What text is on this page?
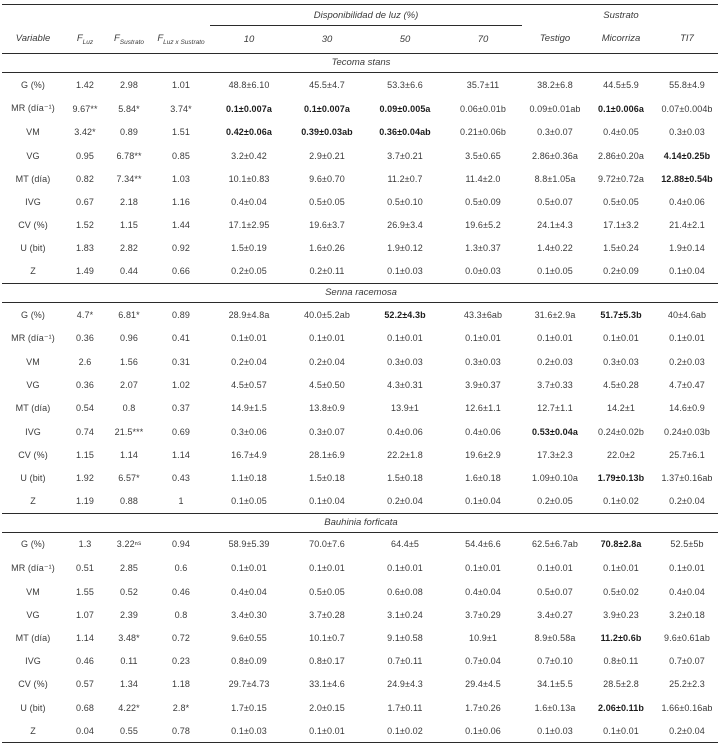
				Disponibilidad de luz (%)				Sustrato		
Variable	$F_{Luz}$	$F_{Sustrato}$	$F_{Luz x Sustrato}$	10	30	50	70	Testigo	Micorriza	TI7
Tecoma stans										
G (%)	1.42	2.98	1.01	48.8±6.10	45.5±4.7	53.3±6.6	35.7±11	38.2±6.8	44.5±5.9	55.8±4.9
MR (día⁻¹)	9.67**	5.84*	3.74*	0.1±0.007a	0.1±0.007a	0.09±0.005a	0.06±0.01b	0.09±0.01ab	0.1±0.006a	0.07±0.004b
VM	3.42*	0.89	1.51	0.42±0.06a	0.39±0.03ab	0.36±0.04ab	0.21±0.06b	0.3±0.07	0.4±0.05	0.3±0.03
VG	0.95	6.78**	0.85	3.2±0.42	2.9±0.21	3.7±0.21	3.5±0.65	2.86±0.36a	2.86±0.20a	4.14±0.25b
MT (día)	0.82	7.34**	1.03	10.1±0.83	9.6±0.70	11.2±0.7	11.4±2.0	8.8±1.05a	9.72±0.72a	12.88±0.54b
IVG	0.67	2.18	1.16	0.4±0.04	0.5±0.05	0.5±0.10	0.5±0.09	0.5±0.07	0.5±0.05	0.4±0.06
CV (%)	1.52	1.15	1.44	17.1±2.95	19.6±3.7	26.9±3.4	19.6±5.2	24.1±4.3	17.1±3.2	21.4±2.1
U (bit)	1.83	2.82	0.92	1.5±0.19	1.6±0.26	1.9±0.12	1.3±0.37	1.4±0.22	1.5±0.24	1.9±0.14
Z	1.49	0.44	0.66	0.2±0.05	0.2±0.11	0.1±0.03	0.0±0.03	0.1±0.05	0.2±0.09	0.1±0.04
Senna racemosa										
G (%)	4.7*	6.81*	0.89	28.9±4.8a	40.0±5.2ab	52.2±4.3b	43.3±6ab	31.6±2.9a	51.7±5.3b	40±4.6ab
MR (día⁻¹)	0.36	0.96	0.41	0.1±0.01	0.1±0.01	0.1±0.01	0.1±0.01	0.1±0.01	0.1±0.01	0.1±0.01
VM	2.6	1.56	0.31	0.2±0.04	0.2±0.04	0.3±0.03	0.3±0.03	0.2±0.03	0.3±0.03	0.2±0.03
VG	0.36	2.07	1.02	4.5±0.57	4.5±0.50	4.3±0.31	3.9±0.37	3.7±0.33	4.5±0.28	4.7±0.47
MT (día)	0.54	0.8	0.37	14.9±1.5	13.8±0.9	13.9±1	12.6±1.1	12.7±1.1	14.2±1	14.6±0.9
IVG	0.74	21.5***	0.69	0.3±0.06	0.3±0.07	0.4±0.06	0.4±0.06	0.53±0.04a	0.24±0.02b	0.24±0.03b
CV (%)	1.15	1.14	1.14	16.7±4.9	28.1±6.9	22.2±1.8	19.6±2.9	17.3±2.3	22.0±2	25.7±6.1
U (bit)	1.92	6.57*	0.43	1.1±0.18	1.5±0.18	1.5±0.18	1.6±0.18	1.09±0.10a	1.79±0.13b	1.37±0.16ab
Z	1.19	0.88	1	0.1±0.05	0.1±0.04	0.2±0.04	0.1±0.04	0.2±0.05	0.1±0.02	0.2±0.04
Bauhinia forficata										
G (%)	1.3	3.22ⁿˢ	0.94	58.9±5.39	70.0±7.6	64.4±5	54.4±6.6	62.5±6.7ab	70.8±2.8a	52.5±5b
MR (día⁻¹)	0.51	2.85	0.6	0.1±0.01	0.1±0.01	0.1±0.01	0.1±0.01	0.1±0.01	0.1±0.01	0.1±0.01
VM	1.55	0.52	0.46	0.4±0.04	0.5±0.05	0.6±0.08	0.4±0.04	0.5±0.07	0.5±0.02	0.4±0.04
VG	1.07	2.39	0.8	3.4±0.30	3.7±0.28	3.1±0.24	3.7±0.29	3.4±0.27	3.9±0.23	3.2±0.18
MT (día)	1.14	3.48*	0.72	9.6±0.55	10.1±0.7	9.1±0.58	10.9±1	8.9±0.58a	11.2±0.6b	9.6±0.61ab
IVG	0.46	0.11	0.23	0.8±0.09	0.8±0.17	0.7±0.11	0.7±0.04	0.7±0.10	0.8±0.11	0.7±0.07
CV (%)	0.57	1.34	1.18	29.7±4.73	33.1±4.6	24.9±4.3	29.4±4.5	34.1±5.5	28.5±2.8	25.2±2.3
U (bit)	0.68	4.22*	2.8*	1.7±0.15	2.0±0.15	1.7±0.11	1.7±0.26	1.6±0.13a	2.06±0.11b	1.66±0.16ab
Z	0.04	0.55	0.78	0.1±0.03	0.1±0.01	0.1±0.02	0.1±0.06	0.1±0.03	0.1±0.01	0.2±0.04
